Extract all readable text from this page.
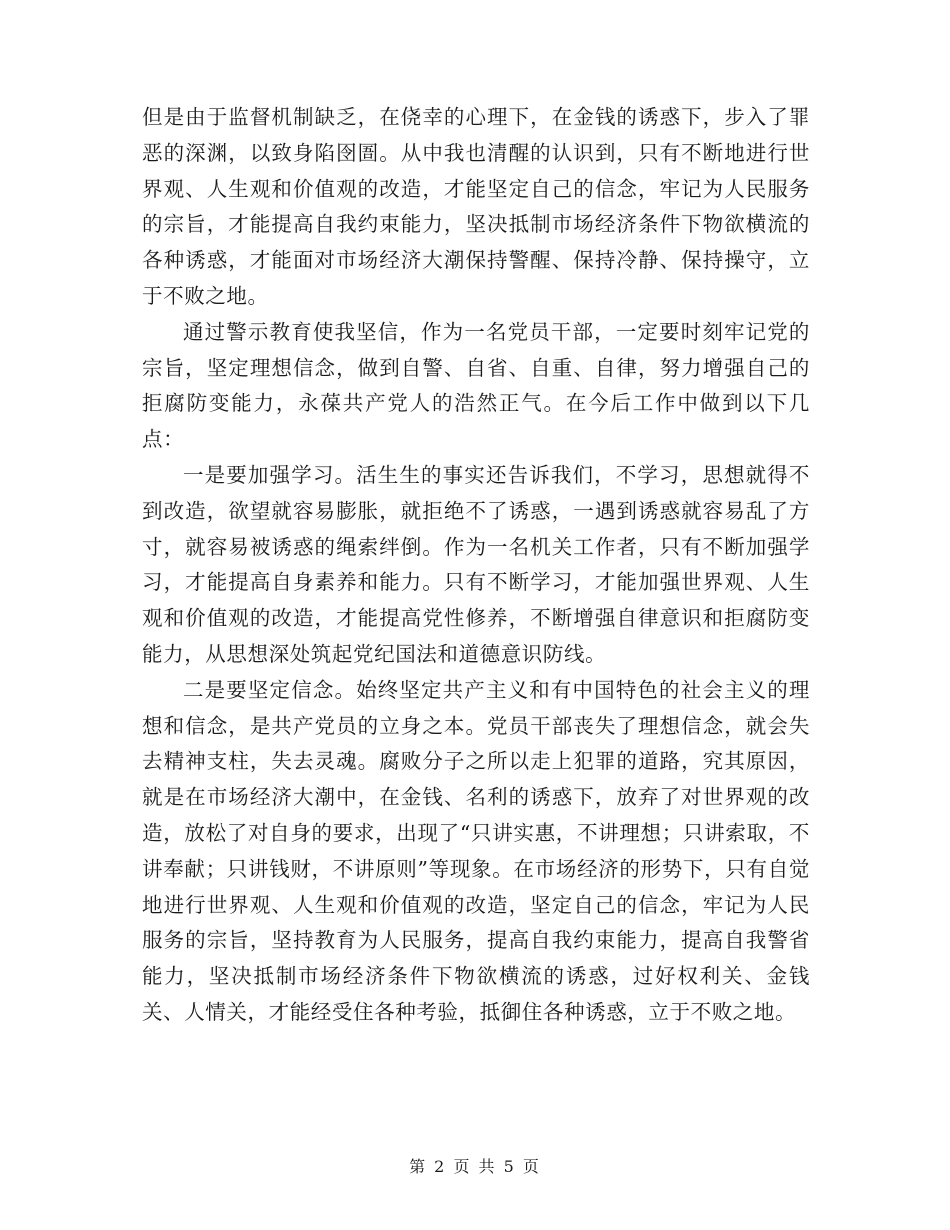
但是由于监督机制缺乏，在侥幸的心理下，在金钱的诱惑下，步入了罪恶的深渊，以致身陷囹圄。从中我也清醒的认识到，只有不断地进行世界观、人生观和价值观的改造，才能坚定自己的信念，牢记为人民服务的宗旨，才能提高自我约束能力，坚决抵制市场经济条件下物欲横流的各种诱惑，才能面对市场经济大潮保持警醒、保持冷静、保持操守，立于不败之地。

通过警示教育使我坚信，作为一名党员干部，一定要时刻牢记党的宗旨，坚定理想信念，做到自警、自省、自重、自律，努力增强自己的拒腐防变能力，永葆共产党人的浩然正气。在今后工作中做到以下几点：

一是要加强学习。活生生的事实还告诉我们，不学习，思想就得不到改造，欲望就容易膨胀，就拒绝不了诱惑，一遇到诱惑就容易乱了方寸，就容易被诱惑的绳索绊倒。作为一名机关工作者，只有不断加强学习，才能提高自身素养和能力。只有不断学习，才能加强世界观、人生观和价值观的改造，才能提高党性修养，不断增强自律意识和拒腐防变能力，从思想深处筑起党纪国法和道德意识防线。

二是要坚定信念。始终坚定共产主义和有中国特色的社会主义的理想和信念，是共产党员的立身之本。党员干部丧失了理想信念，就会失去精神支柱，失去灵魂。腐败分子之所以走上犯罪的道路，究其原因，就是在市场经济大潮中，在金钱、名利的诱惑下，放弃了对世界观的改造，放松了对自身的要求，出现了“只讲实惠，不讲理想；只讲索取，不讲奉献；只讲钱财，不讲原则”等现象。在市场经济的形势下，只有自觉地进行世界观、人生观和价值观的改造，坚定自己的信念，牢记为人民服务的宗旨，坚持教育为人民服务，提高自我约束能力，提高自我警省能力，坚决抵制市场经济条件下物欲横流的诱惑，过好权利关、金钱关、人情关，才能经受住各种考验，抵御住各种诱惑，立于不败之地。

第 2 页 共 5 页
